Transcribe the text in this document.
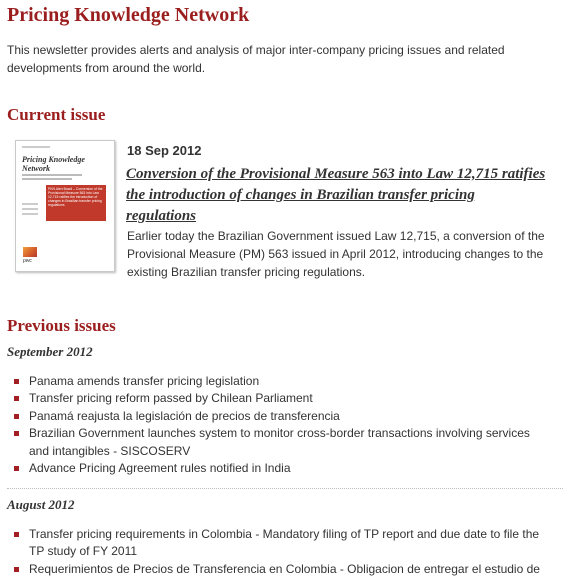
Pricing Knowledge Network

This newsletter provides alerts and analysis of major inter-company pricing issues and related developments from around the world.

Current issue
Pricing Knowledge Network
PKN Alert Brazil – Conversion of the Provisional Measure 563 into Law 12,715 ratifies the introduction of changes in Brazilian transfer pricing regulations
pwc

18 Sep 2012

Conversion of the Provisional Measure 563 into Law 12,715 ratifies the introduction of changes in Brazilian transfer pricing regulations

Earlier today the Brazilian Government issued Law 12,715, a conversion of the Provisional Measure (PM) 563 issued in April 2012, introducing changes to the existing Brazilian transfer pricing regulations.

Previous issues
September 2012
Panama amends transfer pricing legislation
Transfer pricing reform passed by Chilean Parliament
Panamá reajusta la legislación de precios de transferencia
Brazilian Government launches system to monitor cross-border transactions involving services and intangibles - SISCOSERV
Advance Pricing Agreement rules notified in India
August 2012
Transfer pricing requirements in Colombia - Mandatory filing of TP report and due date to file the TP study of FY 2011
Requerimientos de Precios de Transferencia en Colombia - Obligacion de entregar el estudio de
